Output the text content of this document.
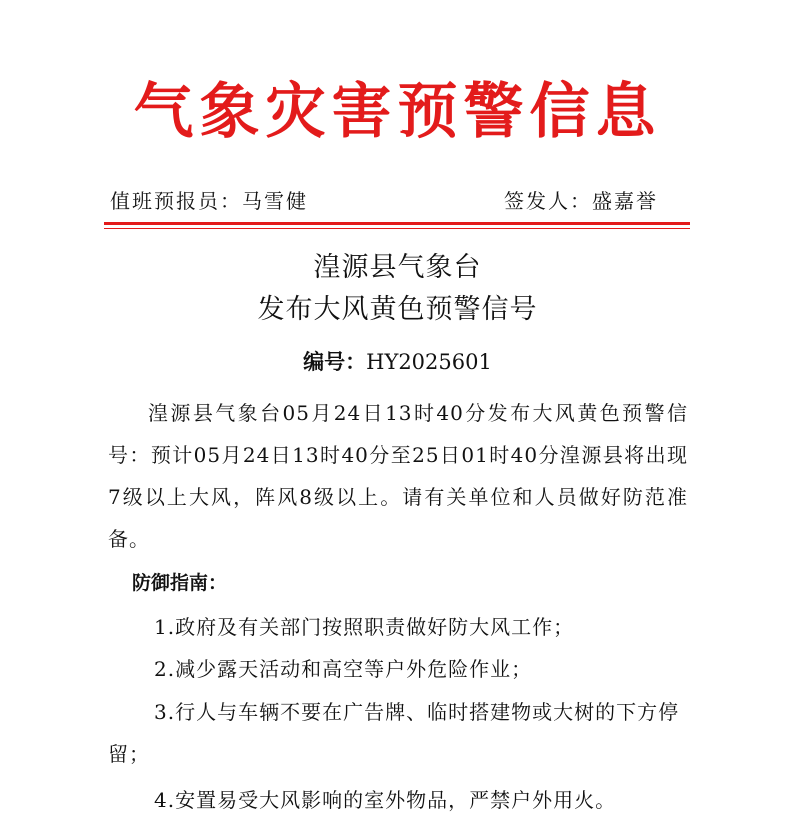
气象灾害预警信息
值班预报员：马雪健	签发人：盛嘉誉
湟源县气象台
发布大风黄色预警信号
编号：HY2025601
湟源县气象台05月24日13时40分发布大风黄色预警信号：预计05月24日13时40分至25日01时40分湟源县将出现7级以上大风，阵风8级以上。请有关单位和人员做好防范准备。
防御指南：
1.政府及有关部门按照职责做好防大风工作；
2.减少露天活动和高空等户外危险作业；
3.行人与车辆不要在广告牌、临时搭建物或大树的下方停留；
4.安置易受大风影响的室外物品，严禁户外用火。
